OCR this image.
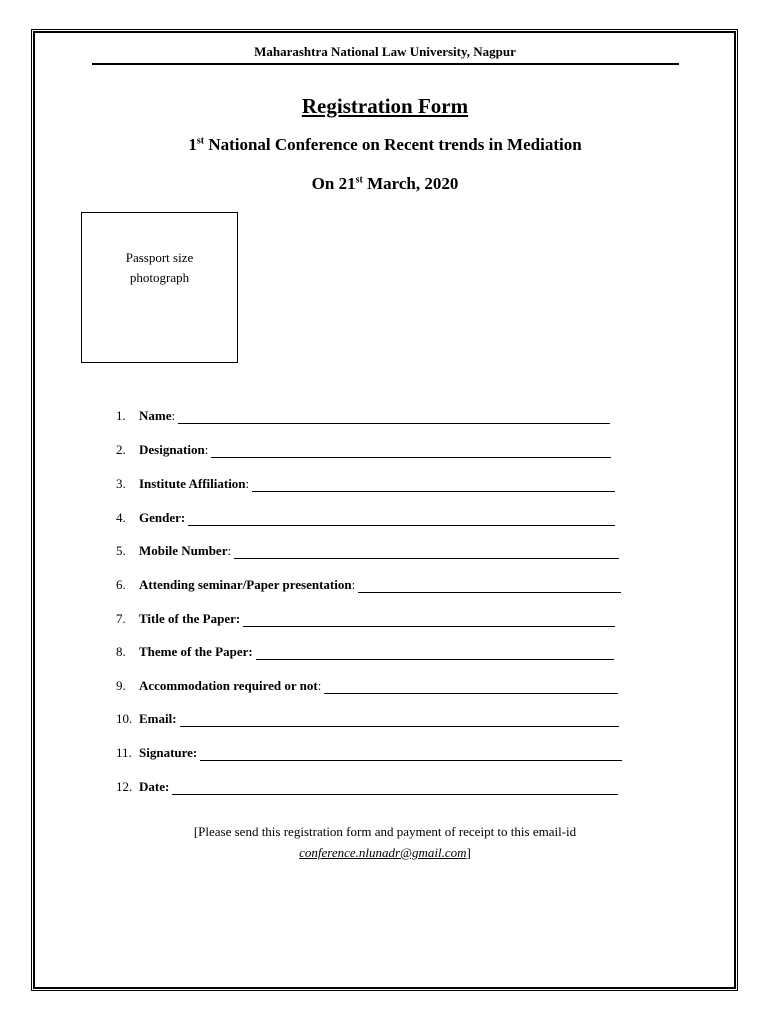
Maharashtra National Law University, Nagpur
Registration Form
1st National Conference on Recent trends in Mediation
On 21st March, 2020
Passport size
photograph
1.	Name :
2.	Designation :
3.	Institute Affiliation :
4.	Gender:
5.	Mobile Number :
6.	Attending seminar/Paper presentation :
7.	Title of the Paper:
8.	Theme of the Paper:
9.	Accommodation required or not :
10. Email:
11. Signature:
12. Date:
[Please send this registration form and payment of receipt to this email-id
conference.nlunadr@gmail.com]
